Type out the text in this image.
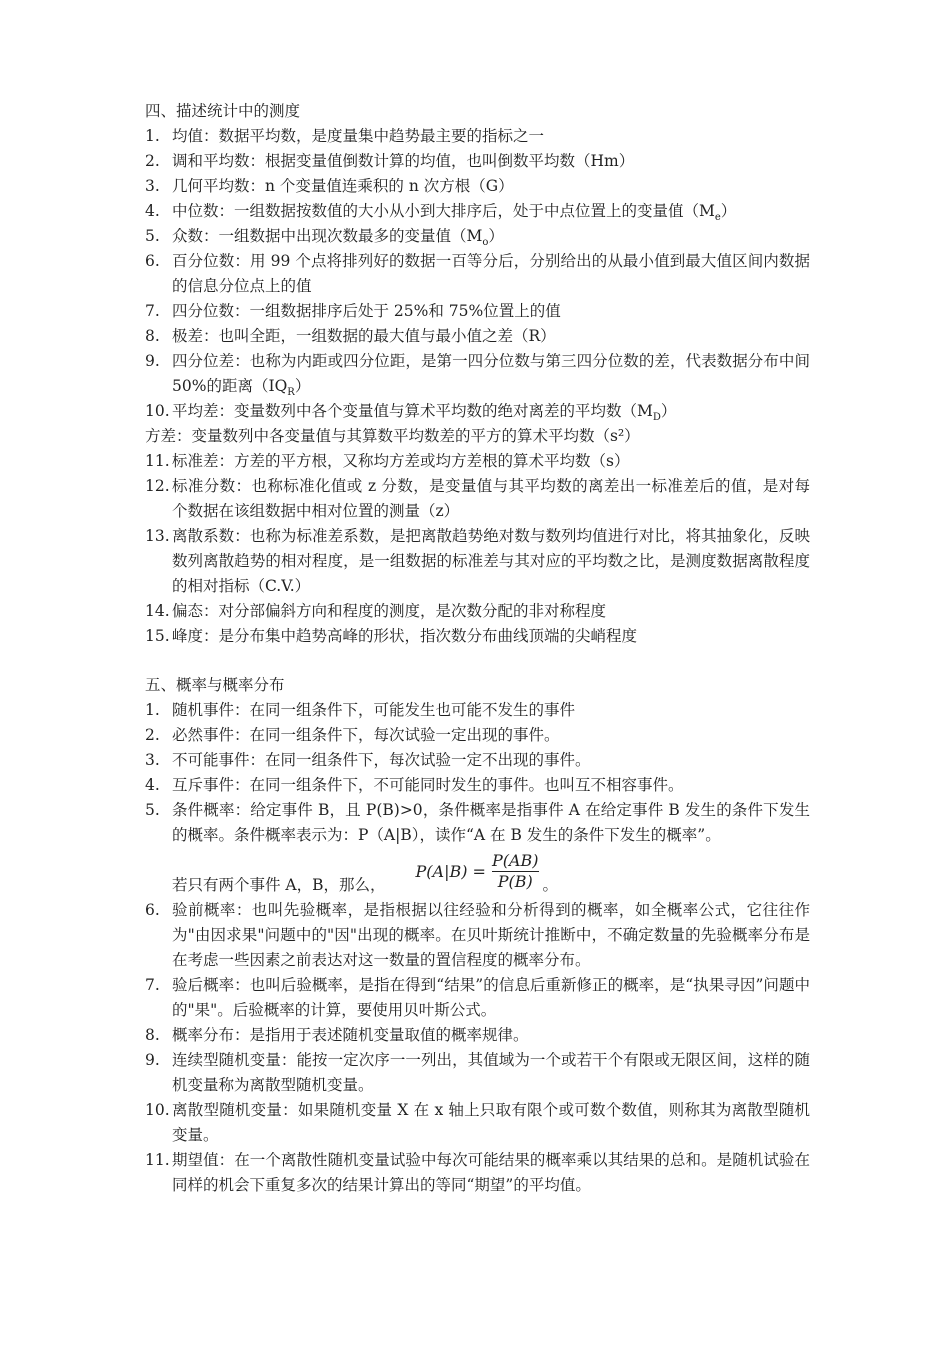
四、描述统计中的测度
1. 均值：数据平均数，是度量集中趋势最主要的指标之一
2. 调和平均数：根据变量值倒数计算的均值，也叫倒数平均数（Hm）
3. 几何平均数：n 个变量值连乘积的 n 次方根（G）
4. 中位数：一组数据按数值的大小从小到大排序后，处于中点位置上的变量值$(M_e)$
5. 众数：一组数据中出现次数最多的变量值$(M_o)$
6. 百分位数：用 99 个点将排列好的数据一百等分后，分别给出的从最小值到最大值区间内数据的信息分位点上的值
7. 四分位数：一组数据排序后处于 25%和 75%位置上的值
8. 极差：也叫全距，一组数据的最大值与最小值之差（R）
9. 四分位差：也称为内距或四分位距，是第一四分位数与第三四分位数的差，代表数据分布中间 50%的距离$(IQ_R)$
10. 平均差：变量数列中各个变量值与算术平均数的绝对离差的平均数$(M_D)$
方差：变量数列中各变量值与其算数平均数差的平方的算术平均数（s²）
11. 标准差：方差的平方根，又称均方差或均方差根的算术平均数（s）
12. 标准分数：也称标准化值或 z 分数，是变量值与其平均数的离差出一标准差后的值，是对每个数据在该组数据中相对位置的测量（z）
13. 离散系数：也称为标准差系数，是把离散趋势绝对数与数列均值进行对比，将其抽象化，反映数列离散趋势的相对程度，是一组数据的标准差与其对应的平均数之比，是测度数据离散程度的相对指标（C.V.）
14. 偏态：对分部偏斜方向和程度的测度，是次数分配的非对称程度
15. 峰度：是分布集中趋势高峰的形状，指次数分布曲线顶端的尖峭程度
五、概率与概率分布
1. 随机事件：在同一组条件下，可能发生也可能不发生的事件
2. 必然事件：在同一组条件下，每次试验一定出现的事件。
3. 不可能事件：在同一组条件下，每次试验一定不出现的事件。
4. 互斥事件：在同一组条件下，不可能同时发生的事件。也叫互不相容事件。
5. 条件概率：给定事件 B，且 P(B)>0，条件概率是指事件 A 在给定事件 B 发生的条件下发生的概率。条件概率表示为：P（A|B），读作“A 在 B 发生的条件下发生的概率”。
若只有两个事件 A，B，那么，
$P(A|B) = \frac{P(AB)}{P(B)}$ 。
6. 验前概率：也叫先验概率，是指根据以往经验和分析得到的概率，如全概率公式，它往往作为"由因求果"问题中的"因"出现的概率。在贝叶斯统计推断中，不确定数量的先验概率分布是在考虑一些因素之前表达对这一数量的置信程度的概率分布。
7. 验后概率：也叫后验概率，是指在得到“结果”的信息后重新修正的概率，是“执果寻因”问题中的"果"。后验概率的计算，要使用贝叶斯公式。
8. 概率分布：是指用于表述随机变量取值的概率规律。
9. 连续型随机变量：能按一定次序一一列出，其值域为一个或若干个有限或无限区间，这样的随机变量称为离散型随机变量。
10. 离散型随机变量：如果随机变量 X 在 x 轴上只取有限个或可数个数值，则称其为离散型随机变量。
11. 期望值：在一个离散性随机变量试验中每次可能结果的概率乘以其结果的总和。是随机试验在同样的机会下重复多次的结果计算出的等同“期望”的平均值。
